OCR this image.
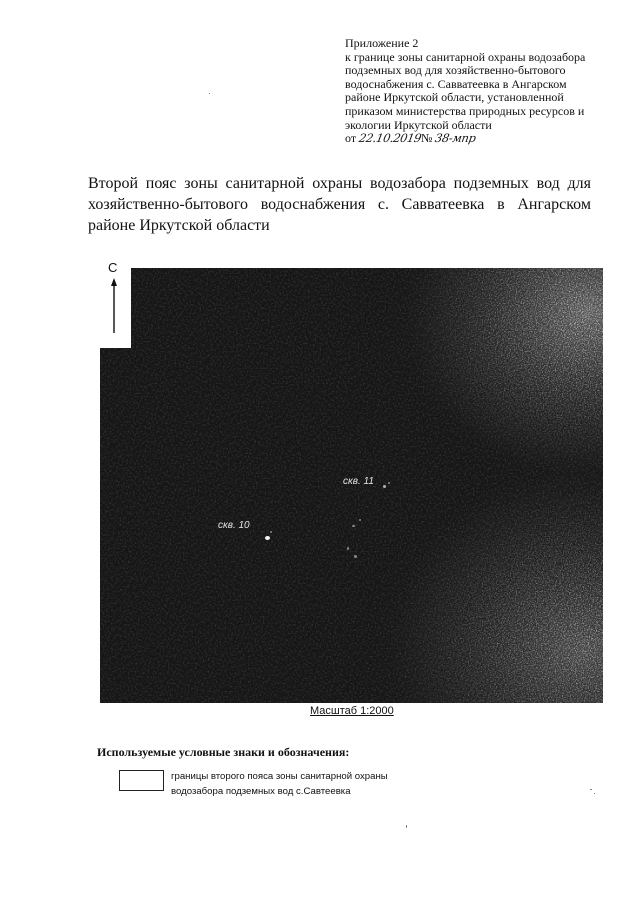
Приложение 2
к границе зоны санитарной охраны водозабора
подземных вод для хозяйственно-бытового
водоснабжения с. Савватеевка в Ангарском
районе Иркутской области, установленной
приказом министерства природных ресурсов и
экологии Иркутской области
от 22.10.2019№ 38-мпр

Второй пояс зоны санитарной охраны водозабора подземных вод для хозяйственно-бытового водоснабжения с. Савватеевка в Ангарском районе Иркутской области

скв. 11
скв. 10
С
Масштаб 1:2000
Используемые условные знаки и обозначения:
границы второго пояса зоны санитарной охраны
водозабора подземных вод с.Савтеевка
